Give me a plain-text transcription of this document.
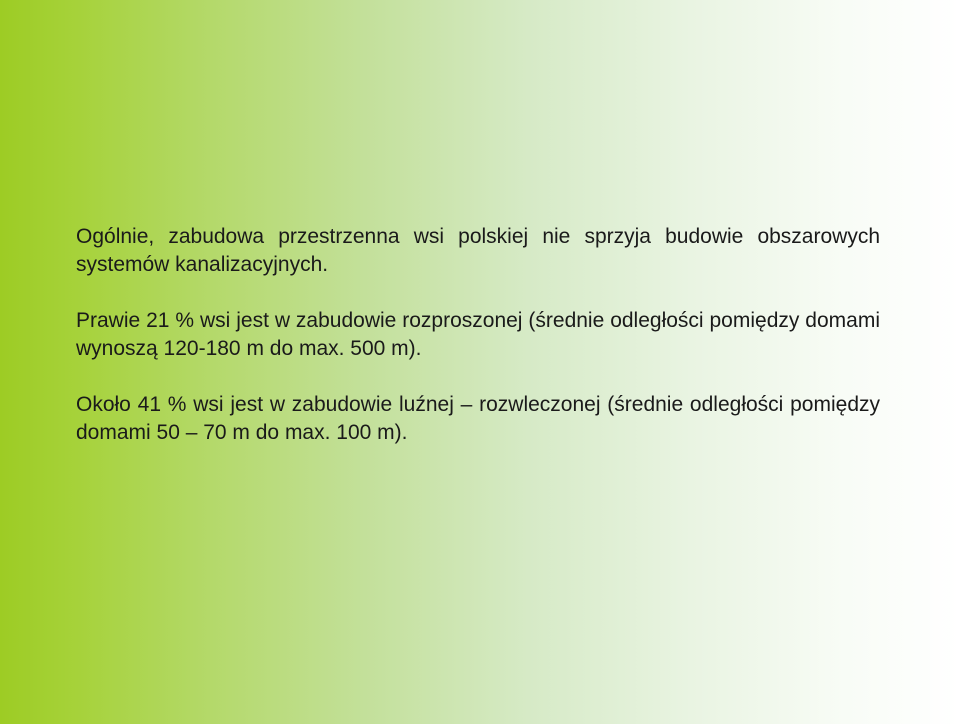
Ogólnie, zabudowa przestrzenna wsi polskiej nie sprzyja budowie obszarowych systemów kanalizacyjnych.

Prawie 21 % wsi jest w zabudowie rozproszonej (średnie odległości pomiędzy domami wynoszą 120-180 m do max. 500 m).

Około 41 % wsi jest w zabudowie luźnej – rozwleczonej (średnie odległości pomiędzy domami 50 – 70 m do max. 100 m).
